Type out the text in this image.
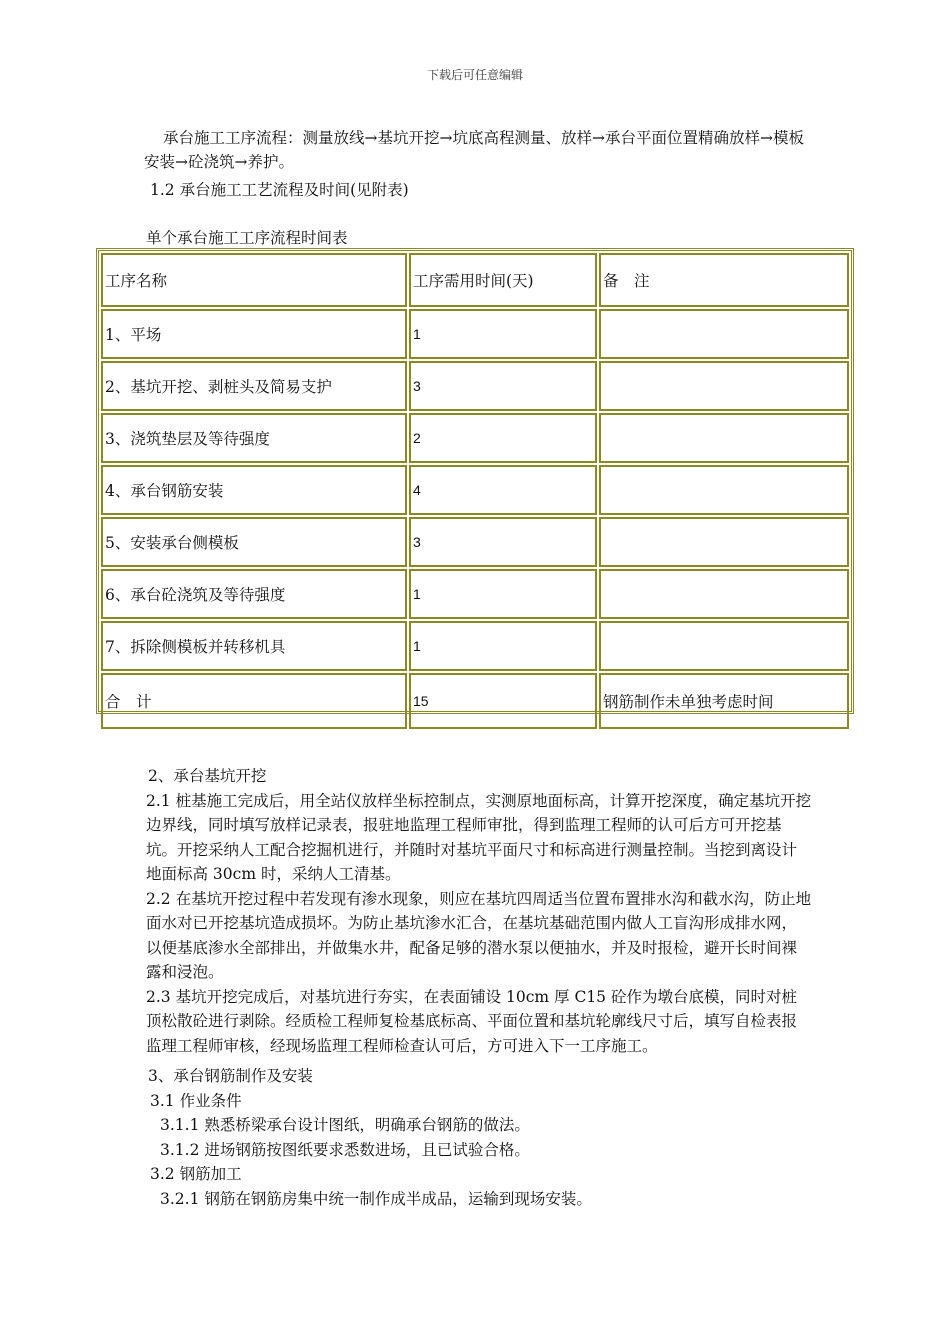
下载后可任意编辑
承台施工工序流程：测量放线→基坑开挖→坑底高程测量、放样→承台平面位置精确放样→模板安装→砼浇筑→养护。
1.2 承台施工工艺流程及时间(见附表)
单个承台施工工序流程时间表
工序名称	工序需用时间(天)	备　注
1、平场	1	
2、基坑开挖、剥桩头及简易支护	3	
3、浇筑垫层及等待强度	2	
4、承台钢筋安装	4	
5、安装承台侧模板	3	
6、承台砼浇筑及等待强度	1	
7、拆除侧模板并转移机具	1	
合　计	15	钢筋制作未单独考虑时间
2、承台基坑开挖
2.1 桩基施工完成后，用全站仪放样坐标控制点，实测原地面标高，计算开挖深度，确定基坑开挖边界线，同时填写放样记录表，报驻地监理工程师审批，得到监理工程师的认可后方可开挖基坑。开挖采纳人工配合挖掘机进行，并随时对基坑平面尺寸和标高进行测量控制。当挖到离设计地面标高 30cm 时，采纳人工清基。
2.2 在基坑开挖过程中若发现有渗水现象，则应在基坑四周适当位置布置排水沟和截水沟，防止地面水对已开挖基坑造成损坏。为防止基坑渗水汇合，在基坑基础范围内做人工盲沟形成排水网，以便基底渗水全部排出，并做集水井，配备足够的潜水泵以便抽水，并及时报检，避开长时间裸露和浸泡。
2.3 基坑开挖完成后，对基坑进行夯实，在表面铺设 10cm 厚 C15 砼作为墩台底模，同时对桩顶松散砼进行剥除。经质检工程师复检基底标高、平面位置和基坑轮廓线尺寸后，填写自检表报监理工程师审核，经现场监理工程师检查认可后，方可进入下一工序施工。
3、承台钢筋制作及安装
3.1 作业条件
3.1.1 熟悉桥梁承台设计图纸，明确承台钢筋的做法。
3.1.2 进场钢筋按图纸要求悉数进场，且已试验合格。
3.2 钢筋加工
3.2.1 钢筋在钢筋房集中统一制作成半成品，运输到现场安装。
